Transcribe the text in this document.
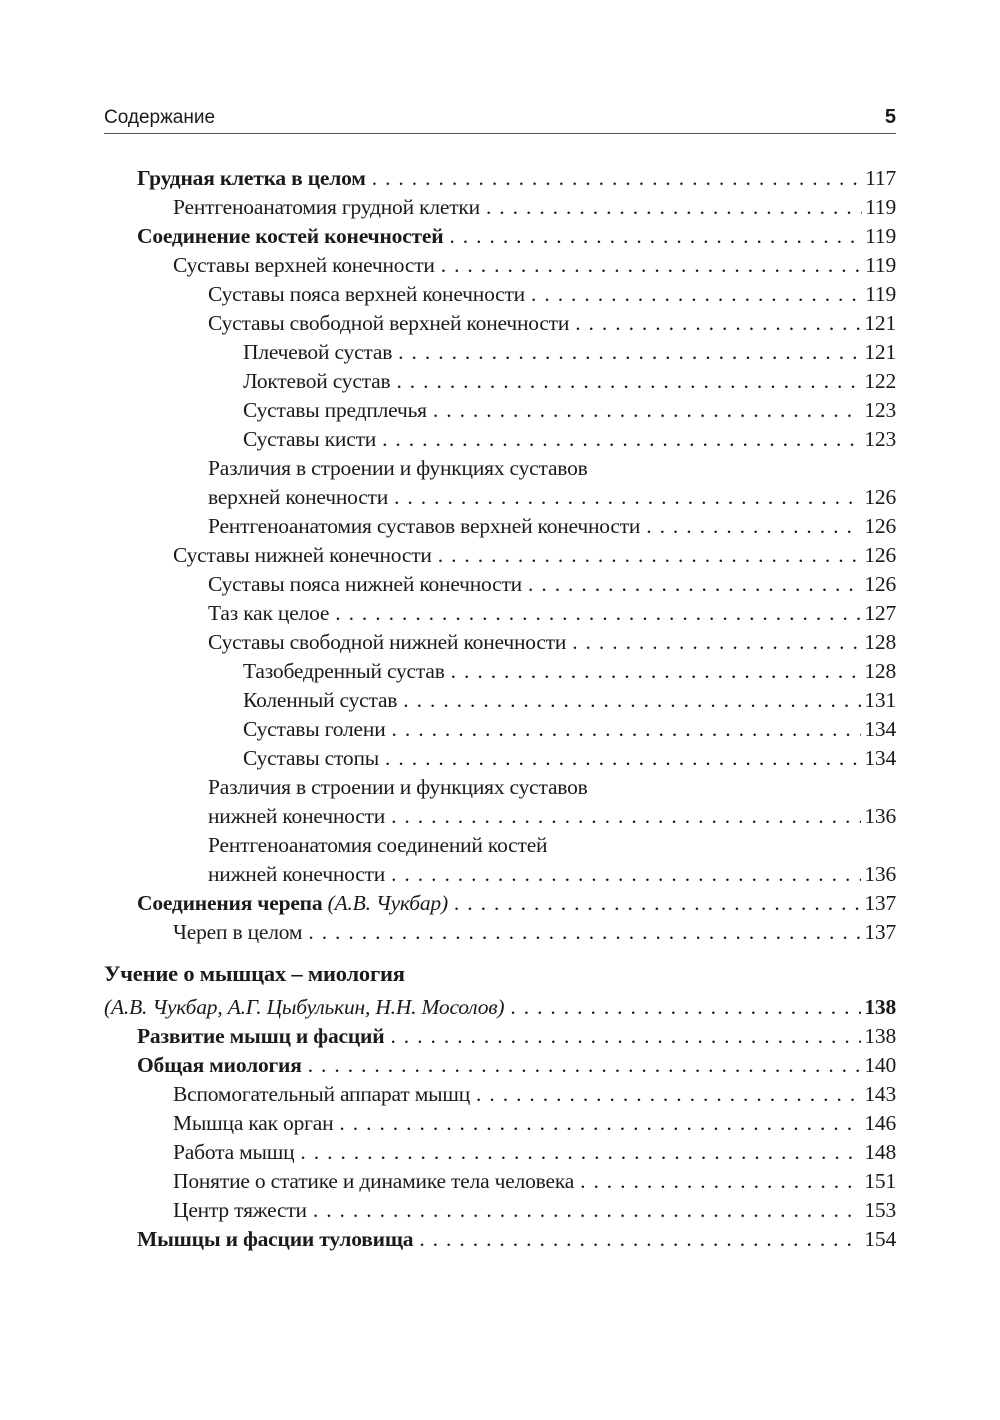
Содержание	5
Грудная клетка в целом . . .	117
Рентгеноанатомия грудной клетки . . .	119
Соединение костей конечностей . . .	119
Суставы верхней конечности . . .	119
Суставы пояса верхней конечности . . .	119
Суставы свободной верхней конечности . . .	121
Плечевой сустав . . .	121
Локтевой сустав . . .	122
Суставы предплечья . . .	123
Суставы кисти . . .	123
Различия в строении и функциях суставов
верхней конечности . . .	126
Рентгеноанатомия суставов верхней конечности . . .	126
Суставы нижней конечности . . .	126
Суставы пояса нижней конечности . . .	126
Таз как целое . . .	127
Суставы свободной нижней конечности . . .	128
Тазобедренный сустав . . .	128
Коленный сустав . . .	131
Суставы голени . . .	134
Суставы стопы . . .	134
Различия в строении и функциях суставов
нижней конечности . . .	136
Рентгеноанатомия соединений костей
нижней конечности . . .	136
Соединения черепа
(А.В. Чукбар) . . .	137
Череп в целом . . .	137
Учение о мышцах – миология
(А.В. Чукбар, А.Г. Цыбулькин, Н.Н. Мосолов) . . .	138
Развитие мышц и фасций . . .	138
Общая миология . . .	140
Вспомогательный аппарат мышц . . .	143
Мышца как орган . . .	146
Работа мышц . . .	148
Понятие о статике и динамике тела человека . . .	151
Центр тяжести . . .	153
Мышцы и фасции туловища . . .	154
